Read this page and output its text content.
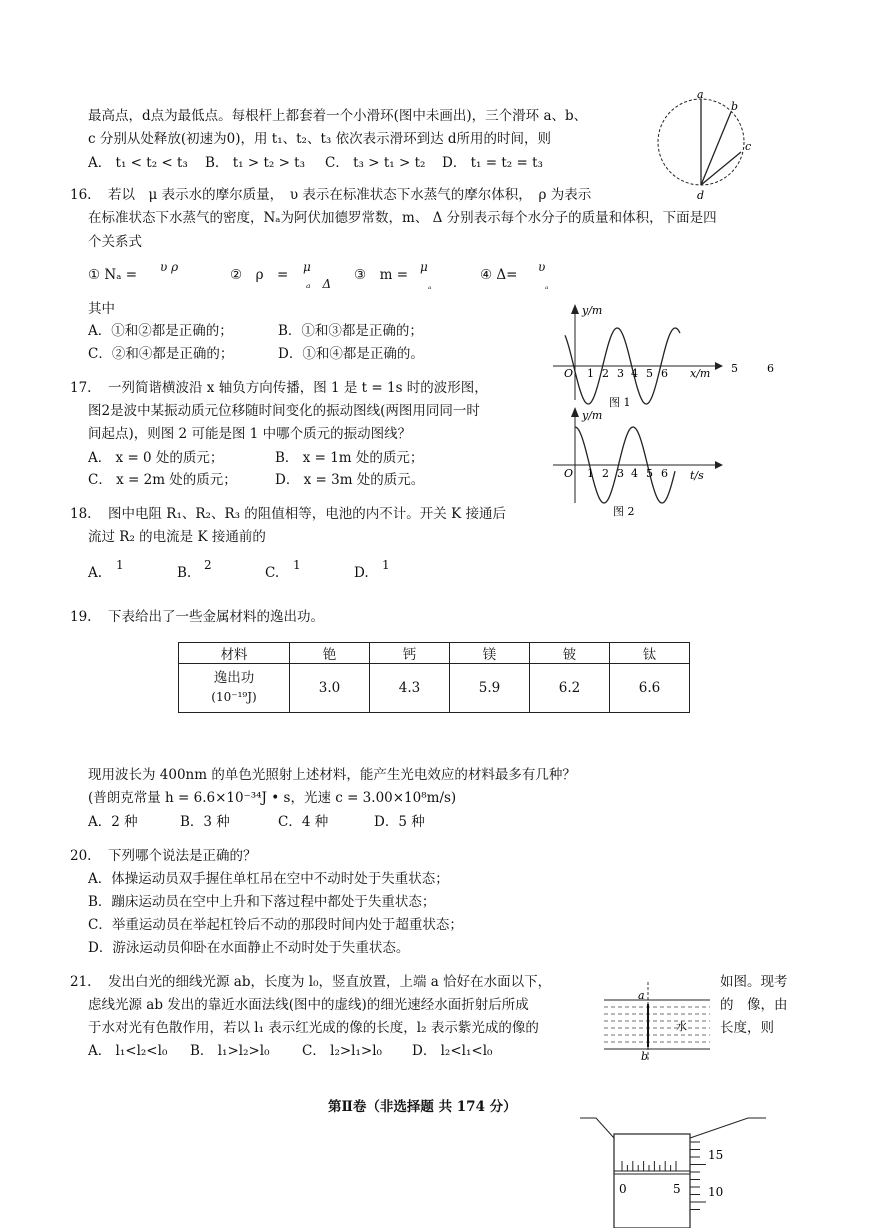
最高点，d点为最低点。每根杆上都套着一个小滑环(图中未画出)，三个滑环 a、b、
c 分别从处释放(初速为0)，用 t₁、t₂、t₃ 依次表示滑环到达 d所用的时间，则
A． t₁ < t₂ < t₃ B． t₁ > t₂ > t₃ C． t₃ > t₁ > t₂ D． t₁ = t₂ = t₃
a
b
c
d
16. 若以　μ 表示水的摩尔质量，　υ 表示在标准状态下水蒸气的摩尔体积，　ρ 为表示
在标准状态下水蒸气的密度，Nₐ为阿伏加德罗常数，m、 Δ 分别表示每个水分子的质量和体积，下面是四
个关系式
① Nₐ = υ ρ	②　ρ　= μ
ₐ　Δ
③　m = μ
ₐ
④ Δ= υ
ₐ
其中
A．①和②都是正确的；	B．①和③都是正确的；
C．②和④都是正确的；	D．①和④都是正确的。
y/m
x/m
O 1 2 3 4 5 6	5	6
图 1
y/m
t/s
O 1 2 3 4 5 6
图 2
17. 一列简谐横波沿 x 轴负方向传播，图 1 是 t = 1s 时的波形图，
图2是波中某振动质元位移随时间变化的振动图线(两图用同同一时
间起点)，则图 2 可能是图 1 中哪个质元的振动图线？
A． x = 0 处的质元；	B． x = 1m 处的质元；
C． x = 2m 处的质元；	D． x = 3m 处的质元。
18. 图中电阻 R₁、R₂、R₃ 的阻值相等，电池的内不计。开关 K 接通后
流过 R₂ 的电流是 K 接通前的
A. 1	B. 2	C. 1	D. 1
19. 下表给出了一些金属材料的逸出功。
材料	铯	钙	镁	铍	钛

逸出功
(10⁻¹⁹J)	3.0	4.3	5.9	6.2	6.6
现用波长为 400nm 的单色光照射上述材料，能产生光电效应的材料最多有几种？
(普朗克常量 h = 6.6×10⁻³⁴J • s，光速 c = 3.00×10⁸m/s)
A．2 种	B．3 种	C．4 种	D．5 种
20. 下列哪个说法是正确的？
A．体操运动员双手握住单杠吊在空中不动时处于失重状态；
B．蹦床运动员在空中上升和下落过程中都处于失重状态；
C．举重运动员在举起杠铃后不动的那段时间内处于超重状态；
D．游泳运动员仰卧在水面静止不动时处于失重状态。
21. 发出白光的细线光源 ab，长度为 l₀，竖直放置，上端 a 恰好在水面以下，	如图。现考
虑线光源 ab 发出的靠近水面法线(图中的虚线)的细光速经水面折射后所成	的　像，由
于水对光有色散作用，若以 l₁ 表示红光成的像的长度，l₂ 表示紫光成的像的	长度，则
A． l₁<l₂<l₀ B． l₁>l₂>l₀ C． l₂>l₁>l₀ D． l₂<l₁<l₀
a
b
水
第Ⅱ卷（非选择题 共 174 分）
0	5
15
10
